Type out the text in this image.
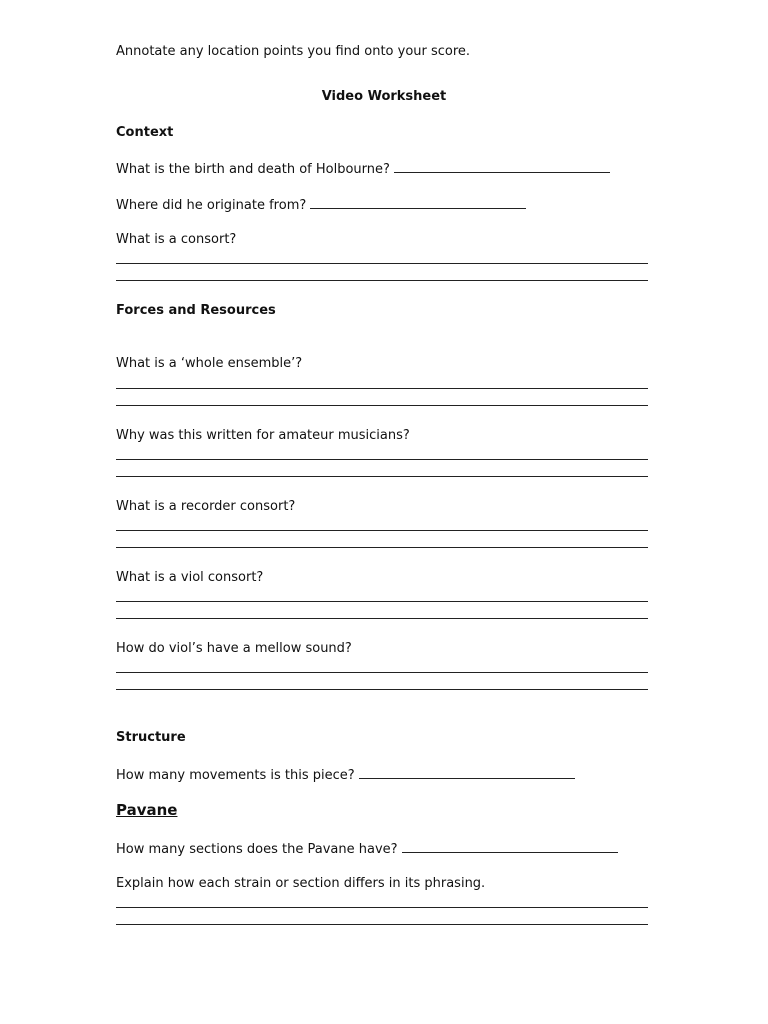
Annotate any location points you find onto your score.
Video Worksheet
Context
What is the birth and death of Holbourne?
Where did he originate from?
What is a consort?
Forces and Resources
What is a ‘whole ensemble’?
Why was this written for amateur musicians?
What is a recorder consort?
What is a viol consort?
How do viol’s have a mellow sound?
Structure
How many movements is this piece?
Pavane
How many sections does the Pavane have?
Explain how each strain or section differs in its phrasing.
